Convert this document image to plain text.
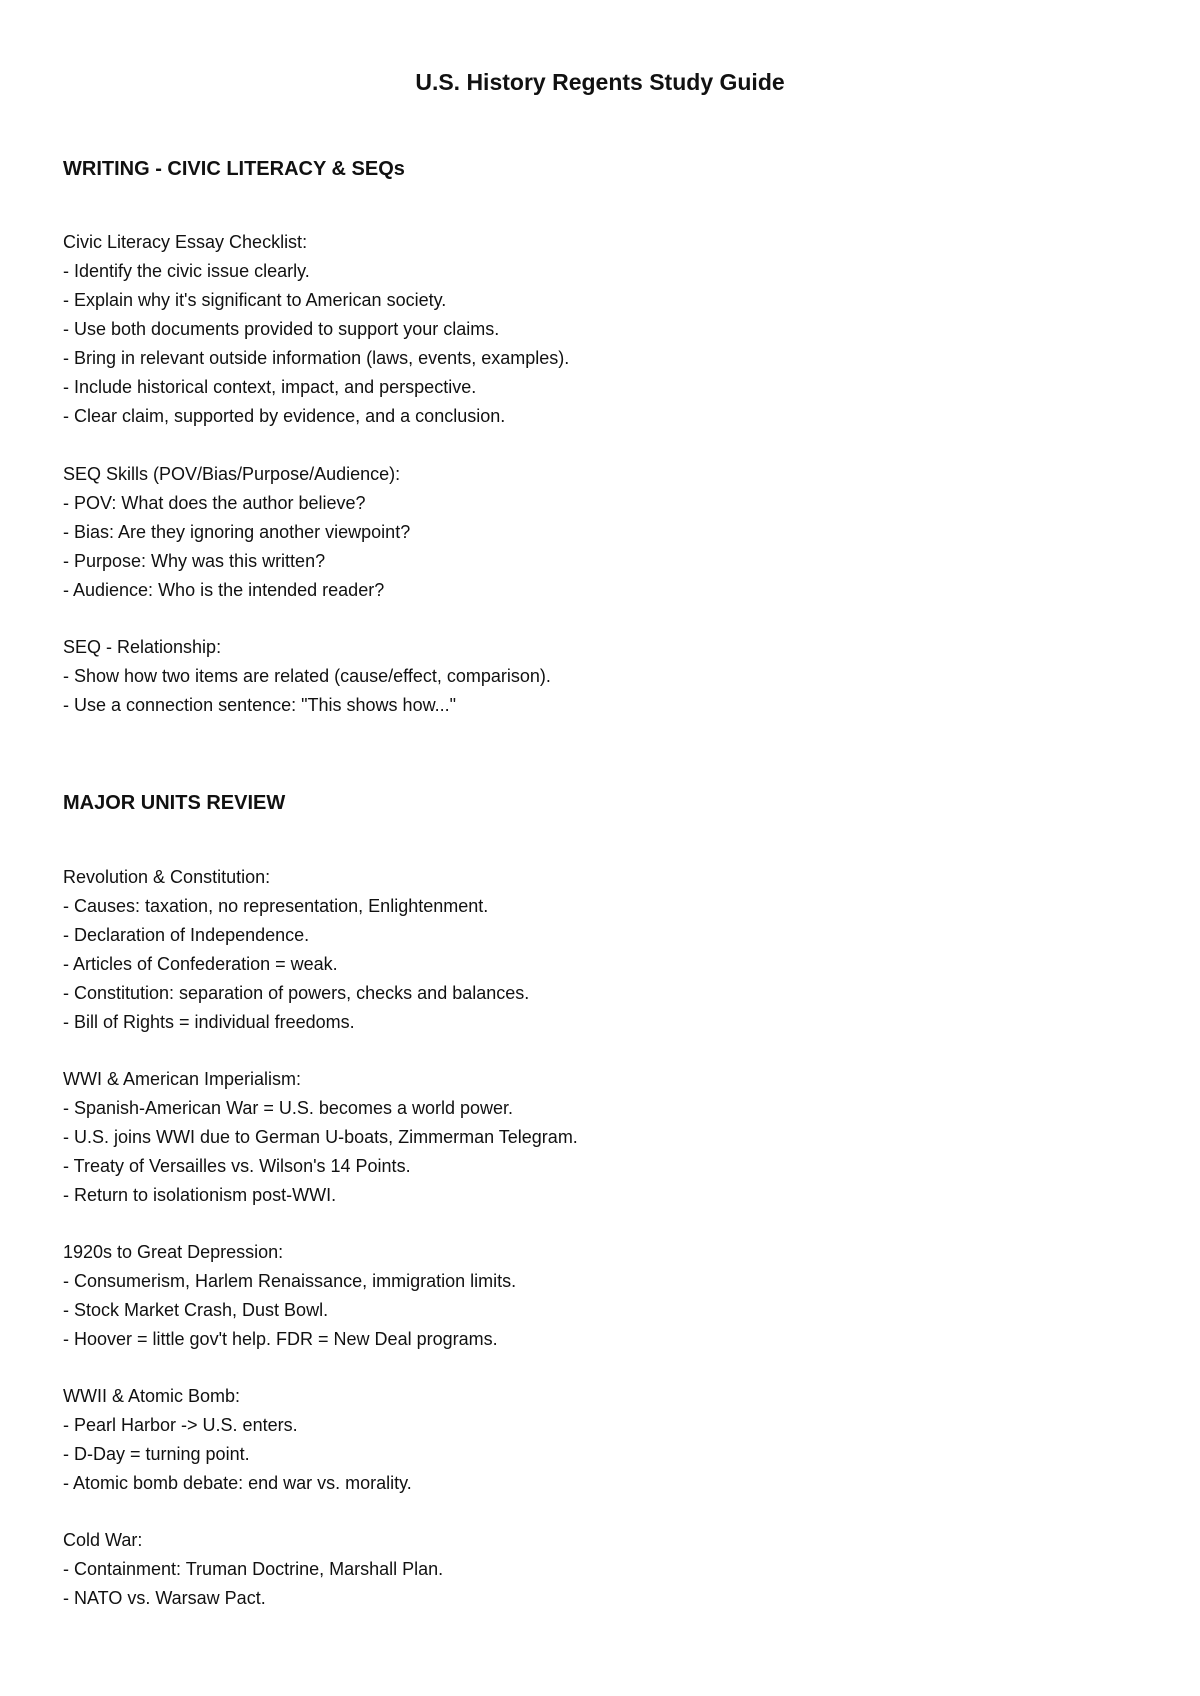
U.S. History Regents Study Guide
WRITING - CIVIC LITERACY & SEQs
Civic Literacy Essay Checklist:
- Identify the civic issue clearly.
- Explain why it's significant to American society.
- Use both documents provided to support your claims.
- Bring in relevant outside information (laws, events, examples).
- Include historical context, impact, and perspective.
- Clear claim, supported by evidence, and a conclusion.
SEQ Skills (POV/Bias/Purpose/Audience):
- POV: What does the author believe?
- Bias: Are they ignoring another viewpoint?
- Purpose: Why was this written?
- Audience: Who is the intended reader?
SEQ - Relationship:
- Show how two items are related (cause/effect, comparison).
- Use a connection sentence: "This shows how..."
MAJOR UNITS REVIEW
Revolution & Constitution:
- Causes: taxation, no representation, Enlightenment.
- Declaration of Independence.
- Articles of Confederation = weak.
- Constitution: separation of powers, checks and balances.
- Bill of Rights = individual freedoms.
WWI & American Imperialism:
- Spanish-American War = U.S. becomes a world power.
- U.S. joins WWI due to German U-boats, Zimmerman Telegram.
- Treaty of Versailles vs. Wilson's 14 Points.
- Return to isolationism post-WWI.
1920s to Great Depression:
- Consumerism, Harlem Renaissance, immigration limits.
- Stock Market Crash, Dust Bowl.
- Hoover = little gov't help. FDR = New Deal programs.
WWII & Atomic Bomb:
- Pearl Harbor -> U.S. enters.
- D-Day = turning point.
- Atomic bomb debate: end war vs. morality.
Cold War:
- Containment: Truman Doctrine, Marshall Plan.
- NATO vs. Warsaw Pact.
